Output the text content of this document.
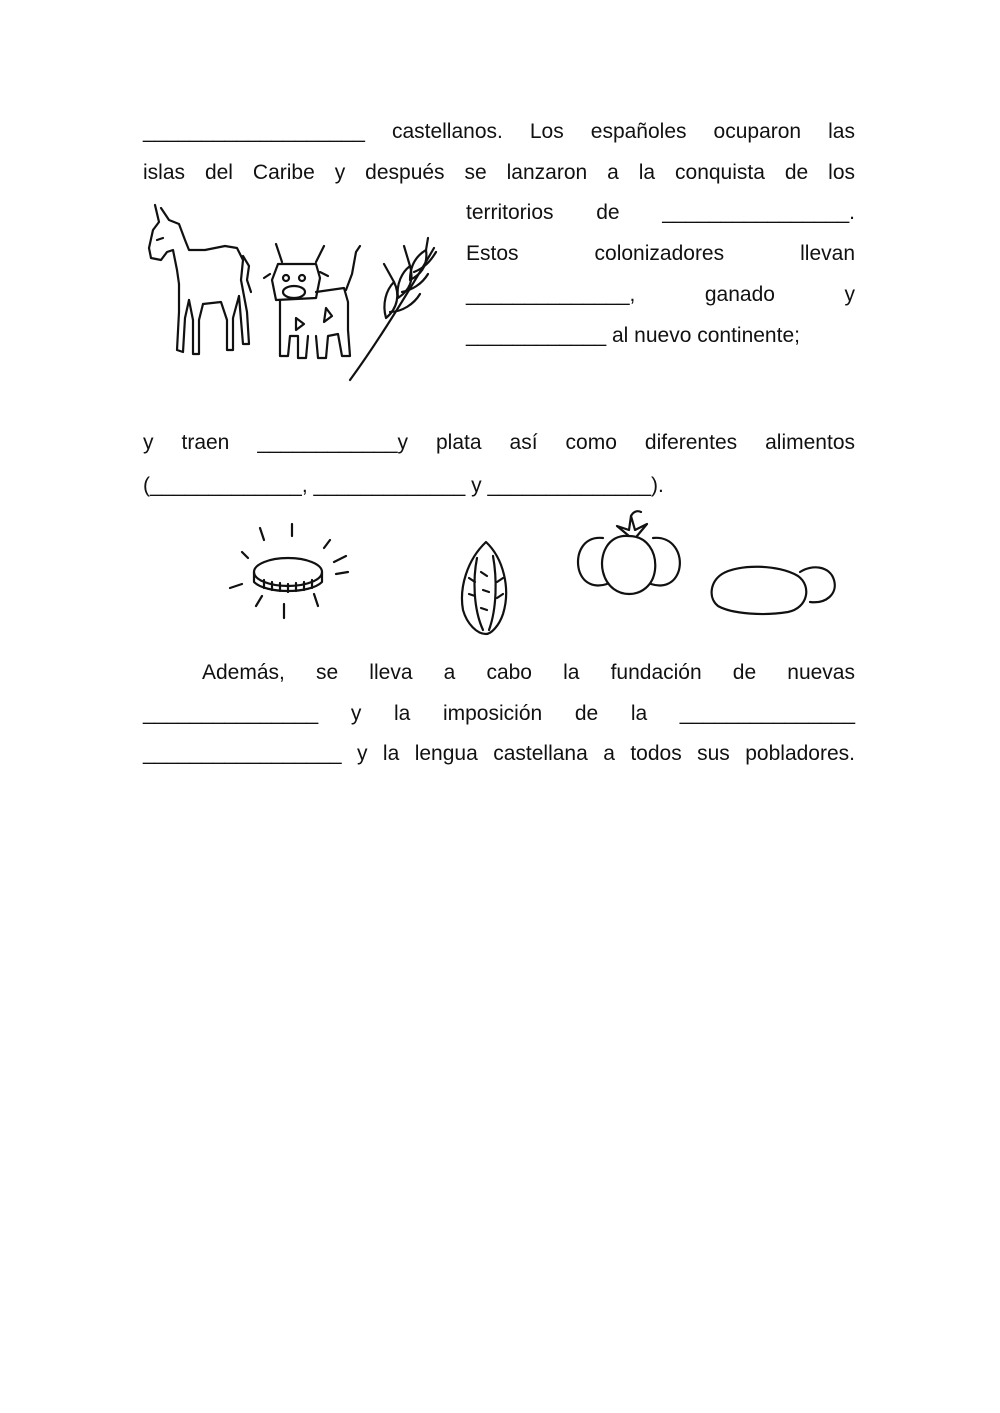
___________________ castellanos. Los españoles ocuparon las
islas del Caribe y después se lanzaron a la conquista de los
territorios de ________________.
Estos colonizadores llevan
______________, ganado y
____________ al nuevo continente;
y traen ____________y plata así como diferentes alimentos
(_____________, _____________ y ______________).
Además, se lleva a cabo la fundación de nuevas
_______________ y la imposición de la _______________
_________________ y la lengua castellana a todos sus pobladores.
